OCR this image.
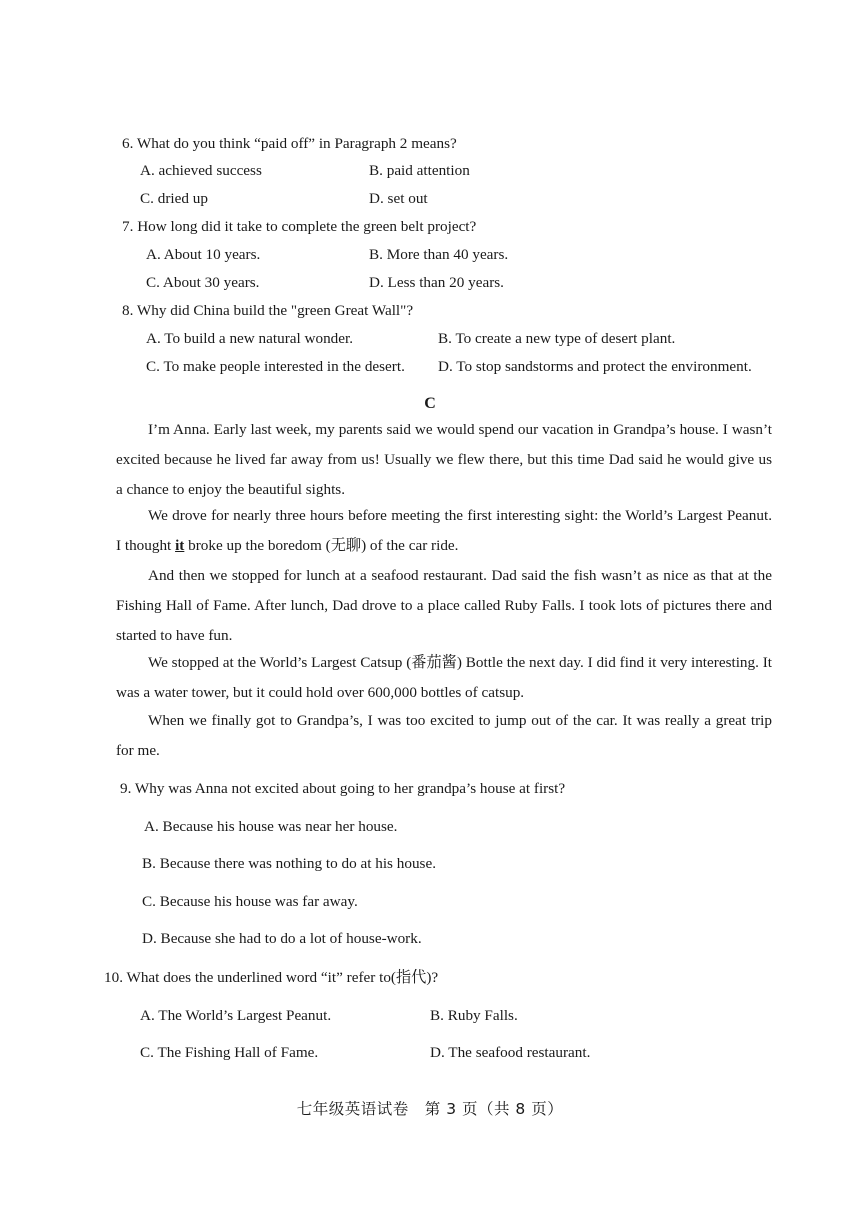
6. What do you think “paid off” in Paragraph 2 means?
A. achieved success	B. paid attention
C. dried up	D. set out
7. How long did it take to complete the green belt project?
A. About 10 years.	B. More than 40 years.
C. About 30 years.	D. Less than 20 years.
8. Why did China build the "green Great Wall"?
A. To build a new natural wonder.	B. To create a new type of desert plant.
C. To make people interested in the desert. D. To stop sandstorms and protect the environment.
C
I’m Anna. Early last week, my parents said we would spend our vacation in Grandpa’s house. I wasn’t excited because he lived far away from us! Usually we flew there, but this time Dad said he would give us a chance to enjoy the beautiful sights.
We drove for nearly three hours before meeting the first interesting sight: the World’s Largest Peanut. I thought it broke up the boredom (无聊) of the car ride.
And then we stopped for lunch at a seafood restaurant. Dad said the fish wasn’t as nice as that at the Fishing Hall of Fame. After lunch, Dad drove to a place called Ruby Falls. I took lots of pictures there and started to have fun.
We stopped at the World’s Largest Catsup (番茄酱) Bottle the next day. I did find it very interesting. It was a water tower, but it could hold over 600,000 bottles of catsup.
When we finally got to Grandpa’s, I was too excited to jump out of the car. It was really a great trip for me.
9. Why was Anna not excited about going to her grandpa’s house at first?
A. Because his house was near her house.
B. Because there was nothing to do at his house.
C. Because his house was far away.
D. Because she had to do a lot of house-work.
10. What does the underlined word “it” refer to(指代)?
A. The World’s Largest Peanut.	B. Ruby Falls.
C. The Fishing Hall of Fame.	D. The seafood restaurant.
七年级英语试卷　第 3 页（共 8 页）
